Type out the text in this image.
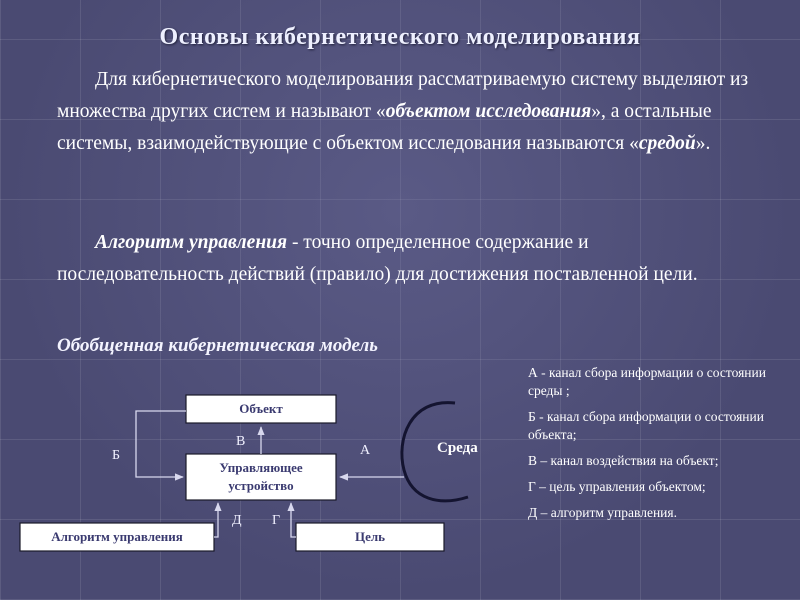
Основы кибернетического моделирования
Для кибернетического моделирования рассматриваемую систему выделяют из множества других систем и называют «объектом исследования», а остальные системы, взаимодействующие с объектом исследования называются «средой».
Алгоритм управления - точно определенное содержание и последовательность действий (правило) для достижения поставленной цели.
Обобщенная кибернетическая модель
Объект
Управляющее
устройство
Алгоритм управления	Цель
Б
В
А
Д Г
Среда
А - канал сбора информации о состоянии среды ;
Б - канал сбора информации о состоянии объекта;
В – канал воздействия на объект;
Г – цель управления объектом;
Д – алгоритм управления.
